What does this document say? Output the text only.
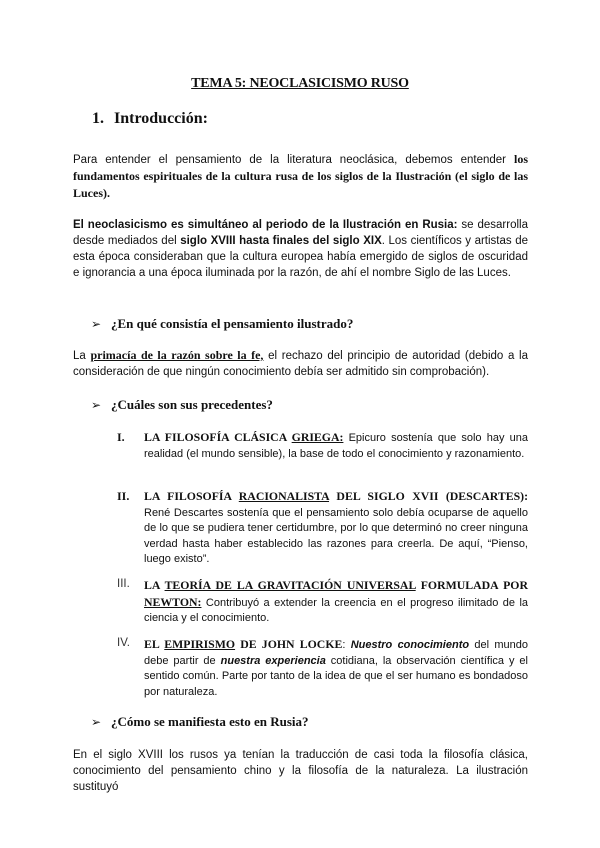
TEMA 5: NEOCLASICISMO RUSO
1. Introducción:

Para entender el pensamiento de la literatura neoclásica, debemos entender los fundamentos espirituales de la cultura rusa de los siglos de la Ilustración (el siglo de las Luces).

El neoclasicismo es simultáneo al periodo de la Ilustración en Rusia: se desarrolla desde mediados del siglo XVIII hasta finales del siglo XIX. Los científicos y artistas de esta época consideraban que la cultura europea había emergido de siglos de oscuridad e ignorancia a una época iluminada por la razón, de ahí el nombre Siglo de las Luces.

➢ ¿En qué consistía el pensamiento ilustrado?

La primacía de la razón sobre la fe, el rechazo del principio de autoridad (debido a la consideración de que ningún conocimiento debía ser admitido sin comprobación).

➢ ¿Cuáles son sus precedentes?
I.	LA FILOSOFÍA CLÁSICA GRIEGA: Epicuro sostenía que solo hay una realidad (el mundo sensible), la base de todo el conocimiento y razonamiento.
II.	LA FILOSOFÍA RACIONALISTA DEL SIGLO XVII (DESCARTES): René Descartes sostenía que el pensamiento solo debía ocuparse de aquello de lo que se pudiera tener certidumbre, por lo que determinó no creer ninguna verdad hasta haber establecido las razones para creerla. De aquí, “Pienso, luego existo”.
III.	LA TEORÍA DE LA GRAVITACIÓN UNIVERSAL FORMULADA POR NEWTON: Contribuyó a extender la creencia en el progreso ilimitado de la ciencia y el conocimiento.
IV.	EL EMPIRISMO DE JOHN LOCKE: Nuestro conocimiento del mundo debe partir de nuestra experiencia cotidiana, la observación científica y el sentido común. Parte por tanto de la idea de que el ser humano es bondadoso por naturaleza.
➢ ¿Cómo se manifiesta esto en Rusia?

En el siglo XVIII los rusos ya tenían la traducción de casi toda la filosofía clásica, conocimiento del pensamiento chino y la filosofía de la naturaleza. La ilustración sustituyó
